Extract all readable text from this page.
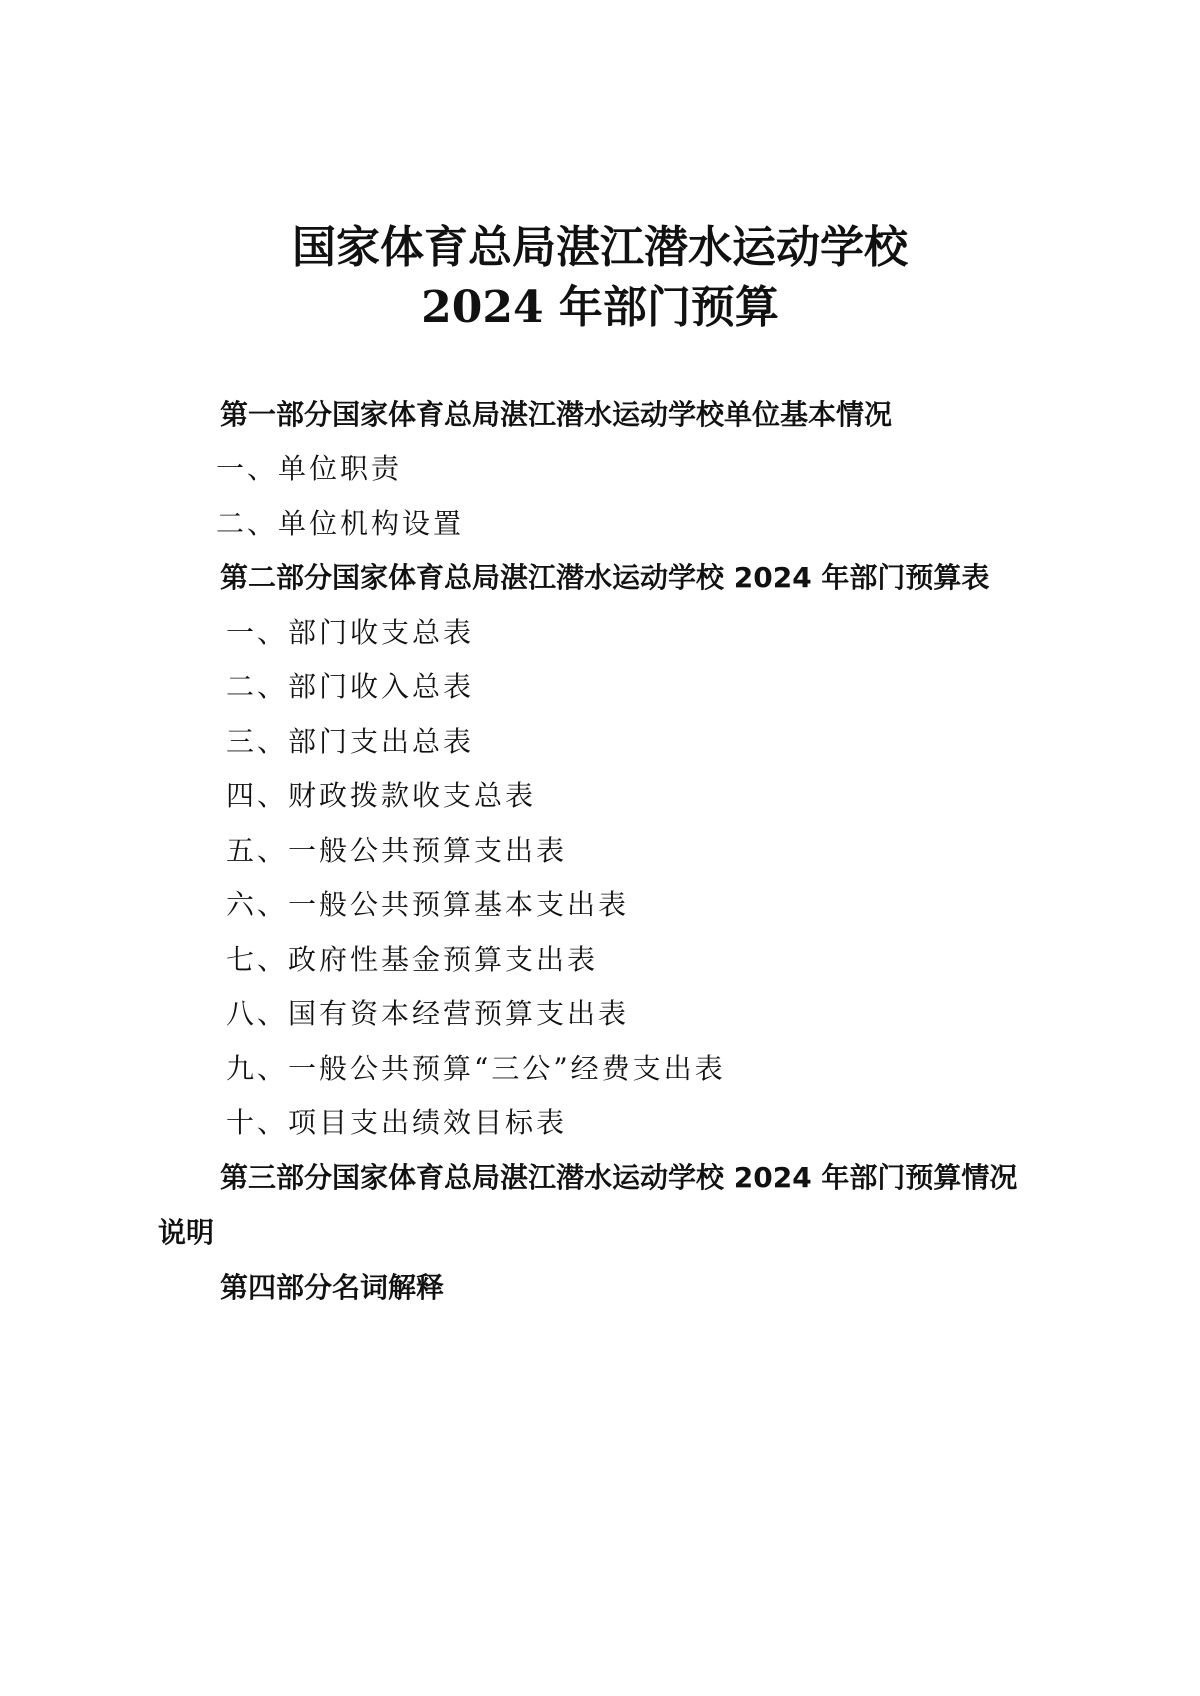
国家体育总局湛江潜水运动学校
2024 年部门预算
第一部分国家体育总局湛江潜水运动学校单位基本情况
一、单位职责
二、单位机构设置
第二部分国家体育总局湛江潜水运动学校 2024 年部门预算表
一、部门收支总表
二、部门收入总表
三、部门支出总表
四、财政拨款收支总表
五、一般公共预算支出表
六、一般公共预算基本支出表
七、政府性基金预算支出表
八、国有资本经营预算支出表
九、一般公共预算“三公”经费支出表
十、项目支出绩效目标表
第三部分国家体育总局湛江潜水运动学校 2024 年部门预算情况
说明
第四部分名词解释
